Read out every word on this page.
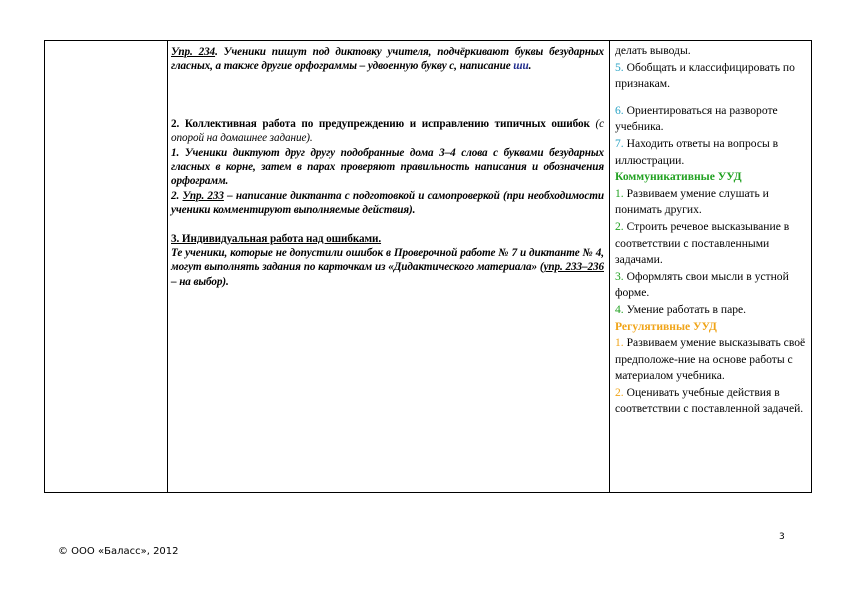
Упр. 234. Ученики пишут под диктовку учителя, подчёркивают буквы безударных гласных, а также другие орфограммы – удвоенную букву с, написание ши.

2. Коллективная работа по предупреждению и исправлению типичных ошибок (с опорой на домашнее задание).

1. Ученики диктуют друг другу подобранные дома 3–4 слова с буквами безударных гласных в корне, затем в парах проверяют правильность написания и обозначения орфограмм.

2. Упр. 233 – написание диктанта с подготовкой и самопроверкой (при необходимости ученики комментируют выполняемые действия).

3. Индивидуальная работа над ошибками.

Те ученики, которые не допустили ошибок в Проверочной работе № 7 и диктанте № 4, могут выполнять задания по карточкам из «Дидактического материала» (упр. 233–236 – на выбор).

делать выводы.

5. Обобщать и классифицировать по признакам.

6. Ориентироваться на развороте учебника.

7. Находить ответы на вопросы в иллюстрации.

Коммуникативные УУД

1. Развиваем умение слушать и понимать других.

2. Строить речевое высказывание в соответствии с поставленными задачами.

3. Оформлять свои мысли в устной форме.

4. Умение работать в паре.

Регулятивные УУД

1. Развиваем умение высказывать своё предположе-ние на основе работы с материалом учебника.

2. Оценивать учебные действия в соответствии с поставленной задачей.

3
© ООО «Баласс», 2012
